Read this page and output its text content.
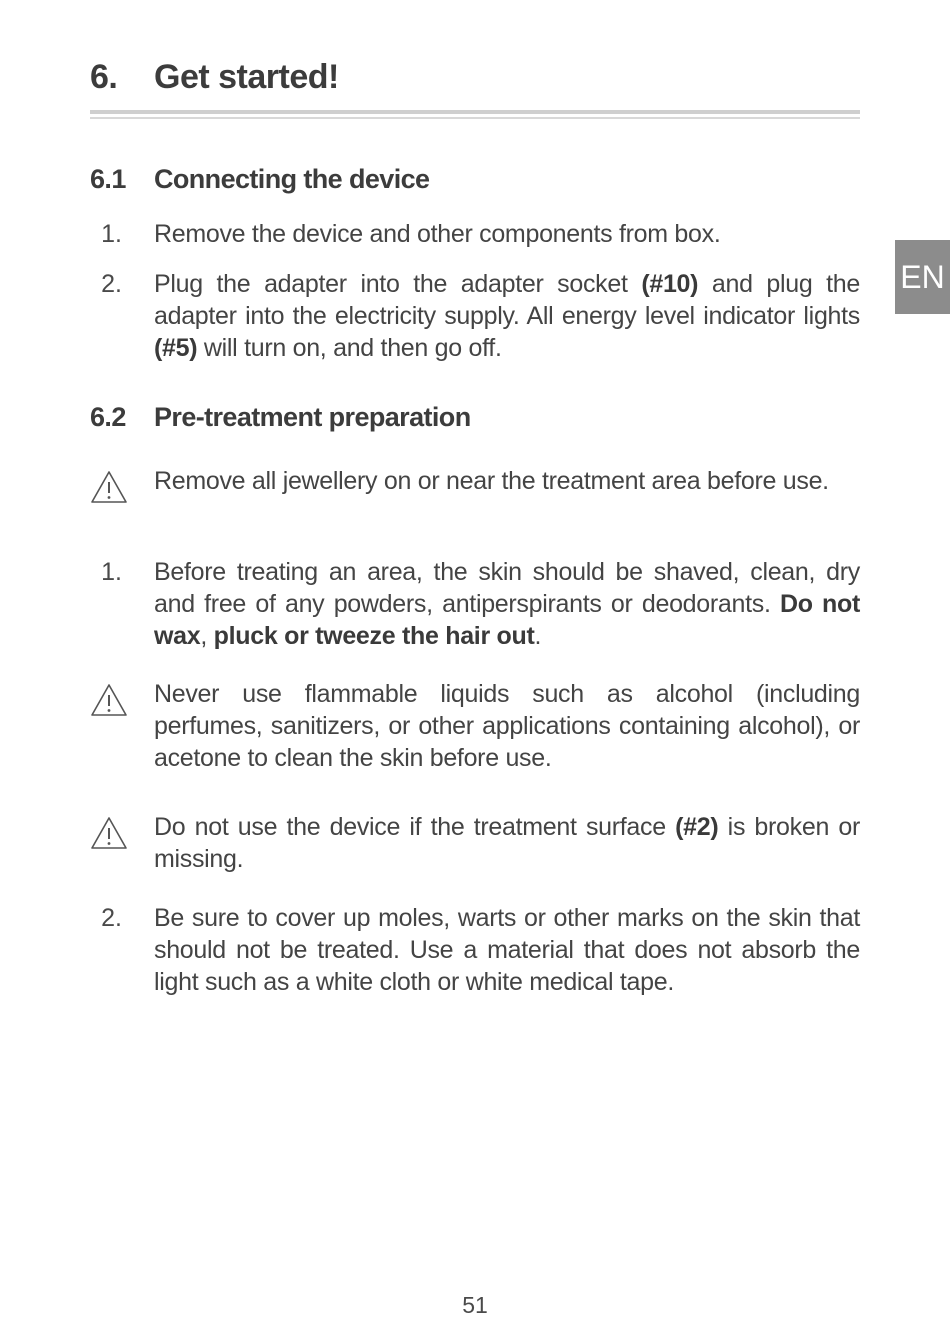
6. Get started!
EN
6.1 Connecting the device
1. Remove the device and other components from box.
2. Plug the adapter into the adapter socket (#10) and plug the adapter into the electricity supply. All energy level indicator lights (#5) will turn on, and then go off.
6.2 Pre-treatment preparation
Remove all jewellery on or near the treatment area before use.
1. Before treating an area, the skin should be shaved, clean, dry and free of any powders, antiperspirants or deodorants. Do not wax, pluck or tweeze the hair out.
Never use flammable liquids such as alcohol (including perfumes, sanitizers, or other applications containing alcohol), or acetone to clean the skin before use.
Do not use the device if the treatment surface (#2) is broken or missing.
2. Be sure to cover up moles, warts or other marks on the skin that should not be treated. Use a material that does not absorb the light such as a white cloth or white medical tape.
51
